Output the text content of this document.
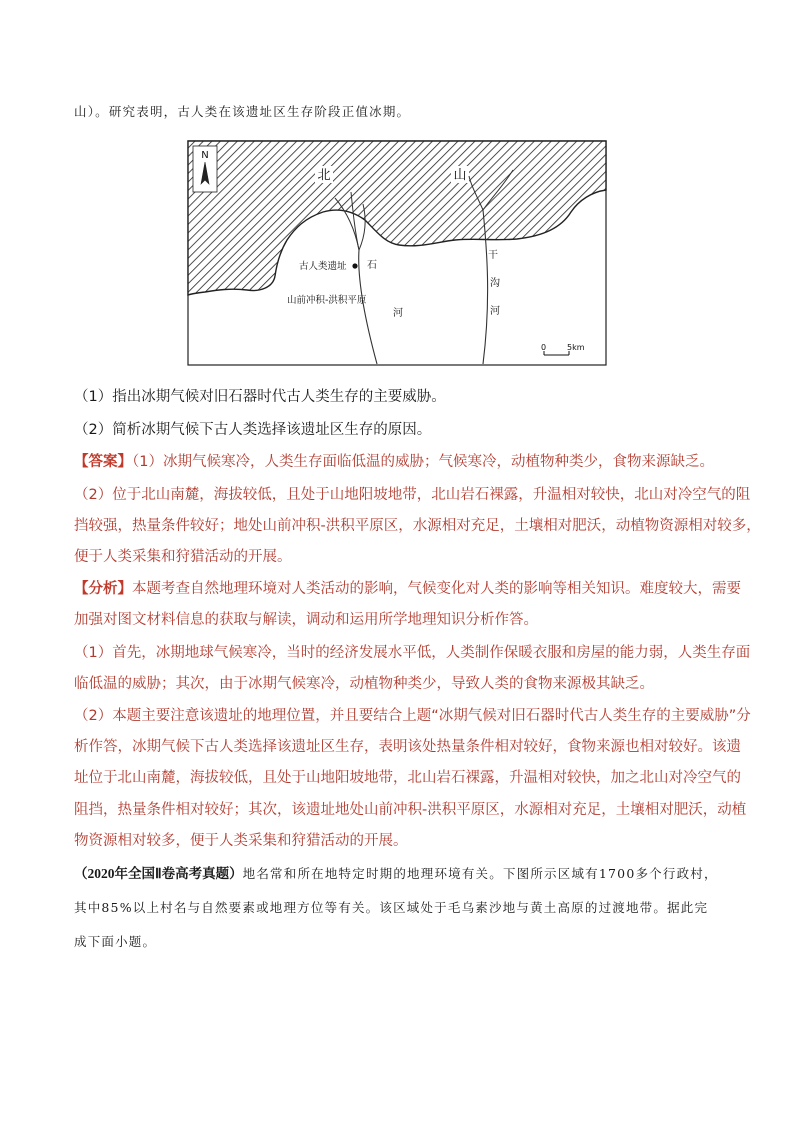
山）。研究表明，古人类在该遗址区生存阶段正值冰期。
N
北	山
古人类遗址
山前冲积-洪积平原
石
河
干
沟
河
0	5km
（1）指出冰期气候对旧石器时代古人类生存的主要威胁。
（2）简析冰期气候下古人类选择该遗址区生存的原因。
【答案】（1）冰期气候寒冷，人类生存面临低温的威胁；气候寒冷，动植物种类少，食物来源缺乏。
（2）位于北山南麓，海拔较低，且处于山地阳坡地带，北山岩石裸露，升温相对较快，北山对冷空气的阻
挡较强，热量条件较好；地处山前冲积-洪积平原区，水源相对充足，土壤相对肥沃，动植物资源相对较多，
便于人类采集和狩猎活动的开展。
【分析】本题考查自然地理环境对人类活动的影响，气候变化对人类的影响等相关知识。难度较大，需要
加强对图文材料信息的获取与解读，调动和运用所学地理知识分析作答。
（1）首先，冰期地球气候寒冷，当时的经济发展水平低，人类制作保暖衣服和房屋的能力弱，人类生存面
临低温的威胁；其次，由于冰期气候寒冷，动植物种类少，导致人类的食物来源极其缺乏。
（2）本题主要注意该遗址的地理位置，并且要结合上题“冰期气候对旧石器时代古人类生存的主要威胁”分
析作答，冰期气候下古人类选择该遗址区生存，表明该处热量条件相对较好，食物来源也相对较好。该遗
址位于北山南麓，海拔较低，且处于山地阳坡地带，北山岩石裸露，升温相对较快，加之北山对冷空气的
阻挡，热量条件相对较好；其次，该遗址地处山前冲积-洪积平原区，水源相对充足，土壤相对肥沃，动植
物资源相对较多，便于人类采集和狩猎活动的开展。
（2020年全国Ⅱ卷高考真题）地名常和所在地特定时期的地理环境有关。下图所示区域有1700多个行政村，
其中85%以上村名与自然要素或地理方位等有关。该区域处于毛乌素沙地与黄土高原的过渡地带。据此完
成下面小题。
